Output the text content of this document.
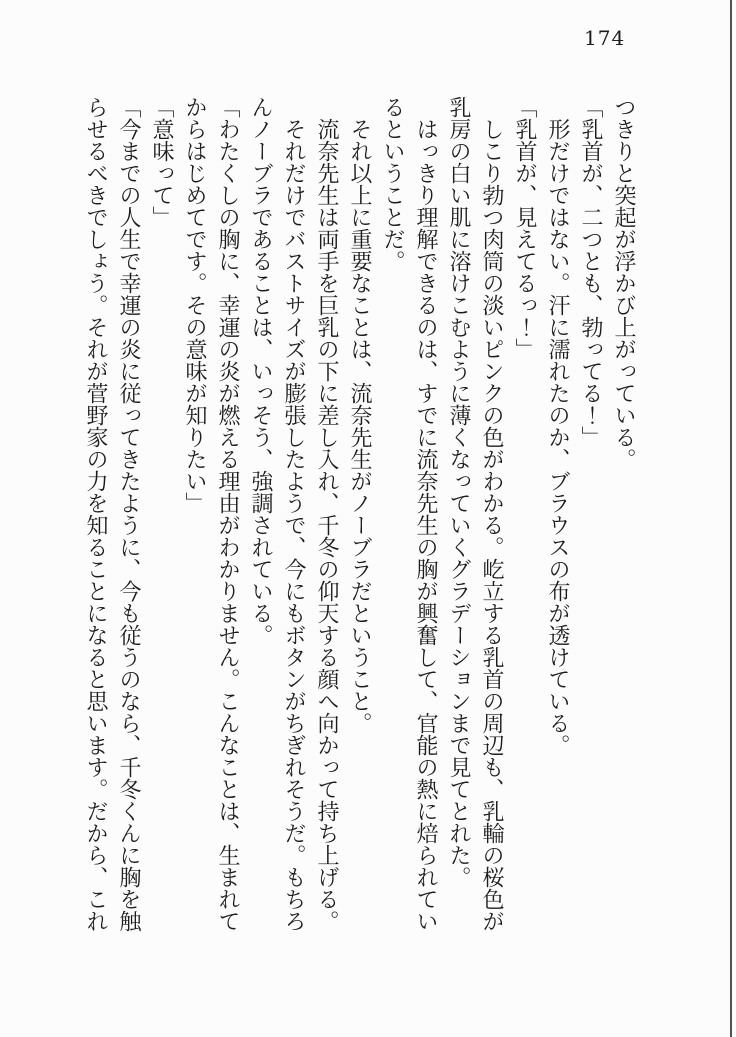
174

つきりと突起が浮かび上がっている。

「乳首が、二つとも、勃ってる！」

形だけではない。汗に濡れたのか、ブラウスの布が透けている。

「乳首が、見えてるっ！」

しこり勃つ肉筒の淡いピンクの色がわかる。屹立する乳首の周辺も、乳輪の桜色が乳房の白い肌に溶けこむように薄くなっていくグラデーションまで見てとれた。

はっきり理解できるのは、すでに流奈先生の胸が興奮して、官能の熱に焙られているということだ。

それ以上に重要なことは、流奈先生がノーブラだということ。

流奈先生は両手を巨乳の下に差し入れ、千冬の仰天する顔へ向かって持ち上げる。

それだけでバストサイズが膨張したようで、今にもボタンがちぎれそうだ。もちろんノーブラであることは、いっそう、強調されている。

「わたくしの胸に、幸運の炎が燃える理由がわかりません。こんなことは、生まれてからはじめてです。その意味が知りたい」

「意味って」

「今までの人生で幸運の炎に従ってきたように、今も従うのなら、千冬くんに胸を触らせるべきでしょう。それが菅野家の力を知ることになると思います。だから、これ
